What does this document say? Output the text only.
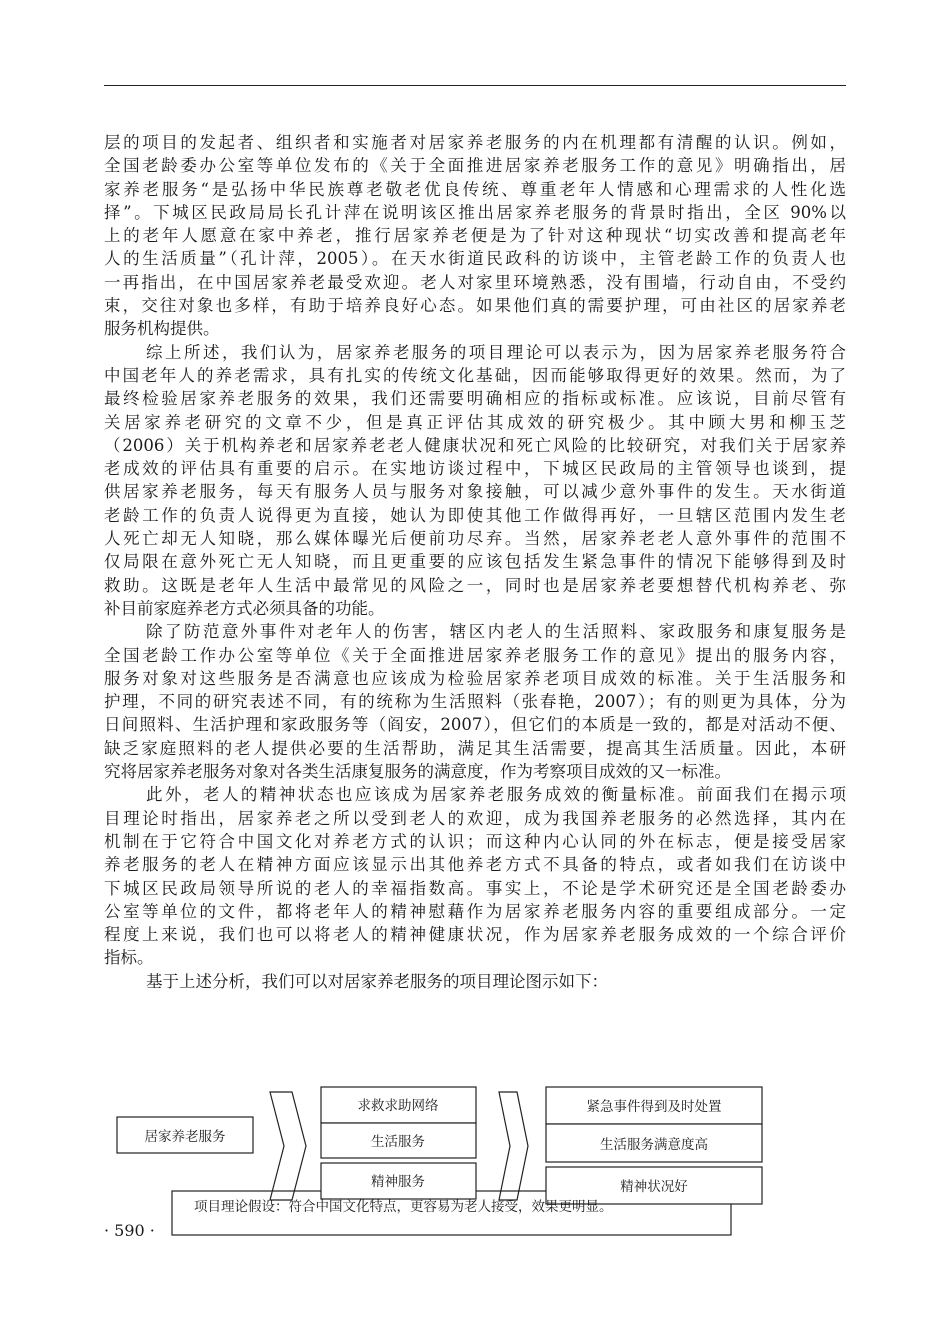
层的项目的发起者、组织者和实施者对居家养老服务的内在机理都有清醒的认识。例如，
全国老龄委办公室等单位发布的《关于全面推进居家养老服务工作的意见》明确指出，居
家养老服务“是弘扬中华民族尊老敬老优良传统、尊重老年人情感和心理需求的人性化选
择”。下城区民政局局长孔计萍在说明该区推出居家养老服务的背景时指出，全区 90%以
上的老年人愿意在家中养老，推行居家养老便是为了针对这种现状“切实改善和提高老年
人的生活质量”（孔计萍，2005）。在天水街道民政科的访谈中，主管老龄工作的负责人也
一再指出，在中国居家养老最受欢迎。老人对家里环境熟悉，没有围墙，行动自由，不受约
束，交往对象也多样，有助于培养良好心态。如果他们真的需要护理，可由社区的居家养老
服务机构提供。
综上所述，我们认为，居家养老服务的项目理论可以表示为，因为居家养老服务符合
中国老年人的养老需求，具有扎实的传统文化基础，因而能够取得更好的效果。然而，为了
最终检验居家养老服务的效果，我们还需要明确相应的指标或标准。应该说，目前尽管有
关居家养老研究的文章不少，但是真正评估其成效的研究极少。其中顾大男和柳玉芝
（2006）关于机构养老和居家养老老人健康状况和死亡风险的比较研究，对我们关于居家养
老成效的评估具有重要的启示。在实地访谈过程中，下城区民政局的主管领导也谈到，提
供居家养老服务，每天有服务人员与服务对象接触，可以减少意外事件的发生。天水街道
老龄工作的负责人说得更为直接，她认为即使其他工作做得再好，一旦辖区范围内发生老
人死亡却无人知晓，那么媒体曝光后便前功尽弃。当然，居家养老老人意外事件的范围不
仅局限在意外死亡无人知晓，而且更重要的应该包括发生紧急事件的情况下能够得到及时
救助。这既是老年人生活中最常见的风险之一，同时也是居家养老要想替代机构养老、弥
补目前家庭养老方式必须具备的功能。
除了防范意外事件对老年人的伤害，辖区内老人的生活照料、家政服务和康复服务是
全国老龄工作办公室等单位《关于全面推进居家养老服务工作的意见》提出的服务内容，
服务对象对这些服务是否满意也应该成为检验居家养老项目成效的标准。关于生活服务和
护理，不同的研究表述不同，有的统称为生活照料（张春艳，2007）；有的则更为具体，分为
日间照料、生活护理和家政服务等（阎安，2007），但它们的本质是一致的，都是对活动不便、
缺乏家庭照料的老人提供必要的生活帮助，满足其生活需要，提高其生活质量。因此，本研
究将居家养老服务对象对各类生活康复服务的满意度，作为考察项目成效的又一标准。
此外，老人的精神状态也应该成为居家养老服务成效的衡量标准。前面我们在揭示项
目理论时指出，居家养老之所以受到老人的欢迎，成为我国养老服务的必然选择，其内在
机制在于它符合中国文化对养老方式的认识；而这种内心认同的外在标志，便是接受居家
养老服务的老人在精神方面应该显示出其他养老方式不具备的特点，或者如我们在访谈中
下城区民政局领导所说的老人的幸福指数高。事实上，不论是学术研究还是全国老龄委办
公室等单位的文件，都将老年人的精神慰藉作为居家养老服务内容的重要组成部分。一定
程度上来说，我们也可以将老人的精神健康状况，作为居家养老服务成效的一个综合评价
指标。
基于上述分析，我们可以对居家养老服务的项目理论图示如下：
居家养老服务
求救求助网络
生活服务
精神服务
紧急事件得到及时处置
生活服务满意度高
精神状况好
项目理论假设：符合中国文化特点，更容易为老人接受，效果更明显。
· 590 ·
